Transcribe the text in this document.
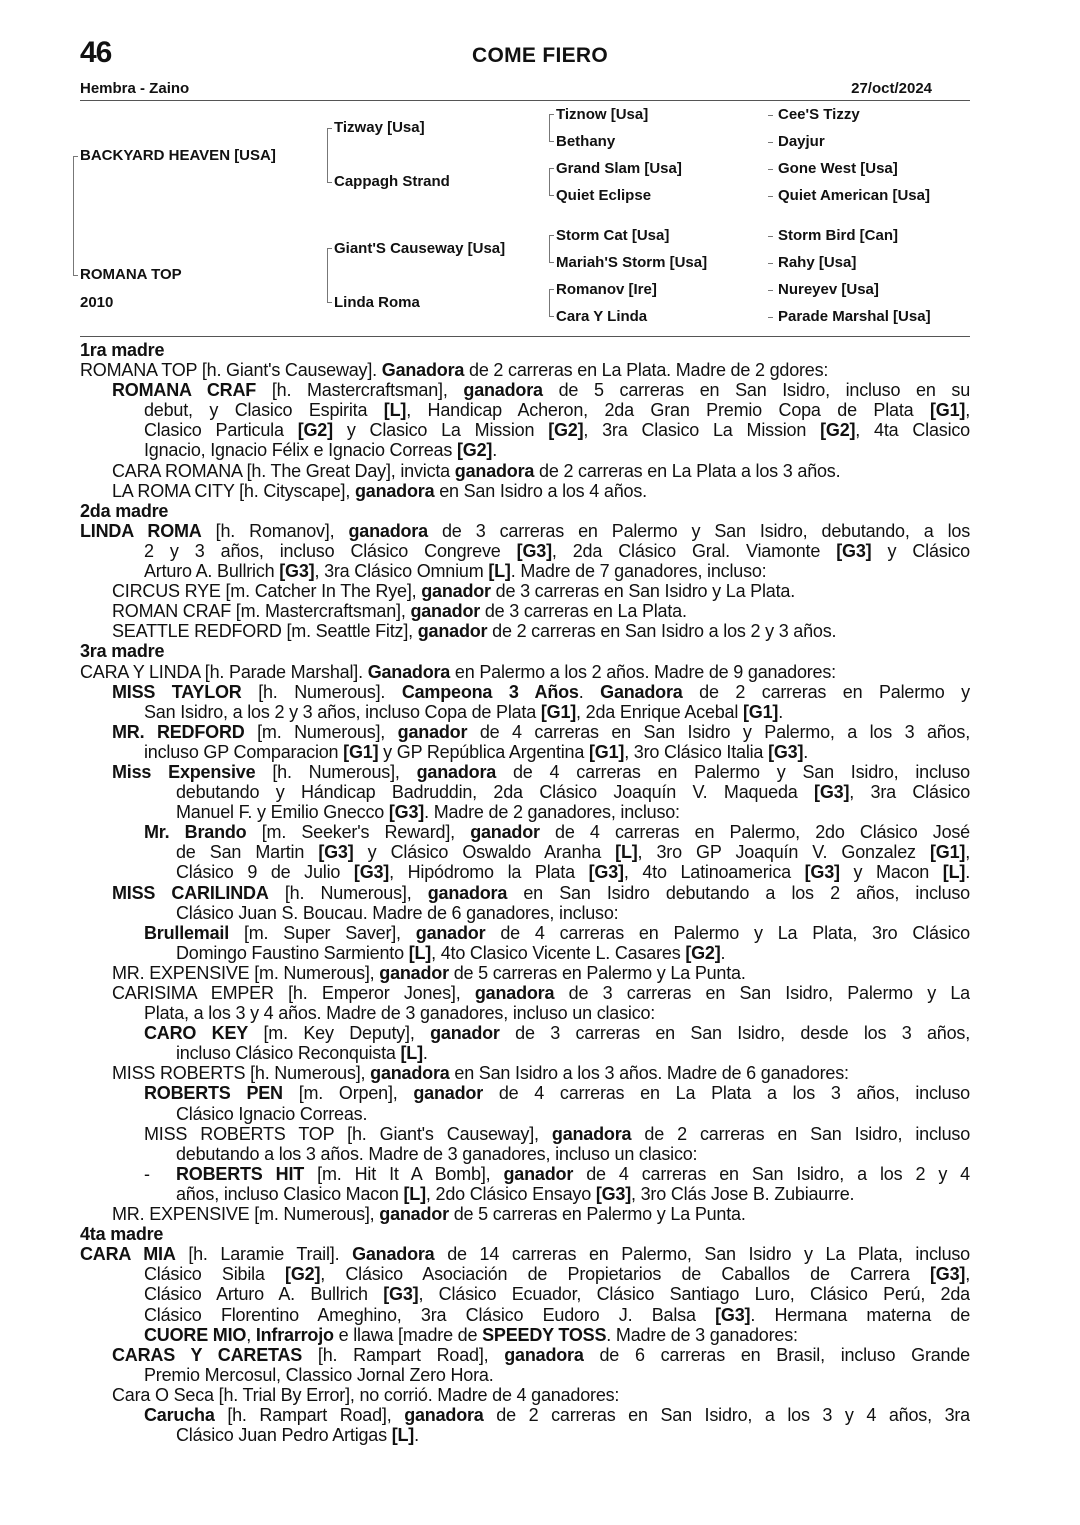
46	COME FIERO
Hembra - Zaino	27/oct/2024
BACKYARD HEAVEN [USA]
ROMANA TOP
2010
Tizway [Usa]
Cappagh Strand
Giant'S Causeway [Usa]
Linda Roma
Tiznow [Usa]
Bethany
Grand Slam [Usa]
Quiet Eclipse
Storm Cat [Usa]
Mariah'S Storm [Usa]
Romanov [Ire]
Cara Y Linda
Cee'S Tizzy
Dayjur
Gone West [Usa]
Quiet American [Usa]
Storm Bird [Can]
Rahy [Usa]
Nureyev [Usa]
Parade Marshal [Usa]
1ra madre
ROMANA TOP [h. Giant's Causeway]. Ganadora de 2 carreras en La Plata. Madre de 2 gdores:
ROMANA CRAF [h. Mastercraftsman], ganadora de 5 carreras en San Isidro, incluso en su
debut, y Clasico Espirita [L], Handicap Acheron, 2da Gran Premio Copa de Plata [G1],
Clasico Particula [G2] y Clasico La Mission [G2], 3ra Clasico La Mission [G2], 4ta Clasico
Ignacio, Ignacio Félix e Ignacio Correas [G2].
CARA ROMANA [h. The Great Day], invicta ganadora de 2 carreras en La Plata a los 3 años.
LA ROMA CITY [h. Cityscape], ganadora en San Isidro a los 4 años.
2da madre
LINDA ROMA [h. Romanov], ganadora de 3 carreras en Palermo y San Isidro, debutando, a los
2 y 3 años, incluso Clásico Congreve [G3], 2da Clásico Gral. Viamonte [G3] y Clásico
Arturo A. Bullrich [G3], 3ra Clásico Omnium [L]. Madre de 7 ganadores, incluso:
CIRCUS RYE [m. Catcher In The Rye], ganador de 3 carreras en San Isidro y La Plata.
ROMAN CRAF [m. Mastercraftsman], ganador de 3 carreras en La Plata.
SEATTLE REDFORD [m. Seattle Fitz], ganador de 2 carreras en San Isidro a los 2 y 3 años.
3ra madre
CARA Y LINDA [h. Parade Marshal]. Ganadora en Palermo a los 2 años. Madre de 9 ganadores:
MISS TAYLOR [h. Numerous]. Campeona 3 Años. Ganadora de 2 carreras en Palermo y
San Isidro, a los 2 y 3 años, incluso Copa de Plata [G1], 2da Enrique Acebal [G1].
MR. REDFORD [m. Numerous], ganador de 4 carreras en San Isidro y Palermo, a los 3 años,
incluso GP Comparacion [G1] y GP República Argentina [G1], 3ro Clásico Italia [G3].
Miss Expensive [h. Numerous], ganadora de 4 carreras en Palermo y San Isidro, incluso
debutando y Hándicap Badruddin, 2da Clásico Joaquín V. Maqueda [G3], 3ra Clásico
Manuel F. y Emilio Gnecco [G3]. Madre de 2 ganadores, incluso:
Mr. Brando [m. Seeker's Reward], ganador de 4 carreras en Palermo, 2do Clásico José
de San Martin [G3] y Clásico Oswaldo Aranha [L], 3ro GP Joaquín V. Gonzalez [G1],
Clásico 9 de Julio [G3], Hipódromo la Plata [G3], 4to Latinoamerica [G3] y Macon [L].
MISS CARILINDA [h. Numerous], ganadora en San Isidro debutando a los 2 años, incluso
Clásico Juan S. Boucau. Madre de 6 ganadores, incluso:
Brullemail [m. Super Saver], ganador de 4 carreras en Palermo y La Plata, 3ro Clásico
Domingo Faustino Sarmiento [L], 4to Clasico Vicente L. Casares [G2].
MR. EXPENSIVE [m. Numerous], ganador de 5 carreras en Palermo y La Punta.
CARISIMA EMPER [h. Emperor Jones], ganadora de 3 carreras en San Isidro, Palermo y La
Plata, a los 3 y 4 años. Madre de 3 ganadores, incluso un clasico:
CARO KEY [m. Key Deputy], ganador de 3 carreras en San Isidro, desde los 3 años,
incluso Clásico Reconquista [L].
MISS ROBERTS [h. Numerous], ganadora en San Isidro a los 3 años. Madre de 6 ganadores:
ROBERTS PEN [m. Orpen], ganador de 4 carreras en La Plata a los 3 años, incluso
Clásico Ignacio Correas.
MISS ROBERTS TOP [h. Giant's Causeway], ganadora de 2 carreras en San Isidro, incluso
debutando a los 3 años. Madre de 3 ganadores, incluso un clasico:
- ROBERTS HIT [m. Hit It A Bomb], ganador de 4 carreras en San Isidro, a los 2 y 4
años, incluso Clasico Macon [L], 2do Clásico Ensayo [G3], 3ro Clás Jose B. Zubiaurre.
MR. EXPENSIVE [m. Numerous], ganador de 5 carreras en Palermo y La Punta.
4ta madre
CARA MIA [h. Laramie Trail]. Ganadora de 14 carreras en Palermo, San Isidro y La Plata, incluso
Clásico Sibila [G2], Clásico Asociación de Propietarios de Caballos de Carrera [G3],
Clásico Arturo A. Bullrich [G3], Clásico Ecuador, Clásico Santiago Luro, Clásico Perú, 2da
Clásico Florentino Ameghino, 3ra Clásico Eudoro J. Balsa [G3]. Hermana materna de
CUORE MIO, Infrarrojo e llawa [madre de SPEEDY TOSS. Madre de 3 ganadores:
CARAS Y CARETAS [h. Rampart Road], ganadora de 6 carreras en Brasil, incluso Grande
Premio Mercosul, Classico Jornal Zero Hora.
Cara O Seca [h. Trial By Error], no corrió. Madre de 4 ganadores:
Carucha [h. Rampart Road], ganadora de 2 carreras en San Isidro, a los 3 y 4 años, 3ra
Clásico Juan Pedro Artigas [L].
